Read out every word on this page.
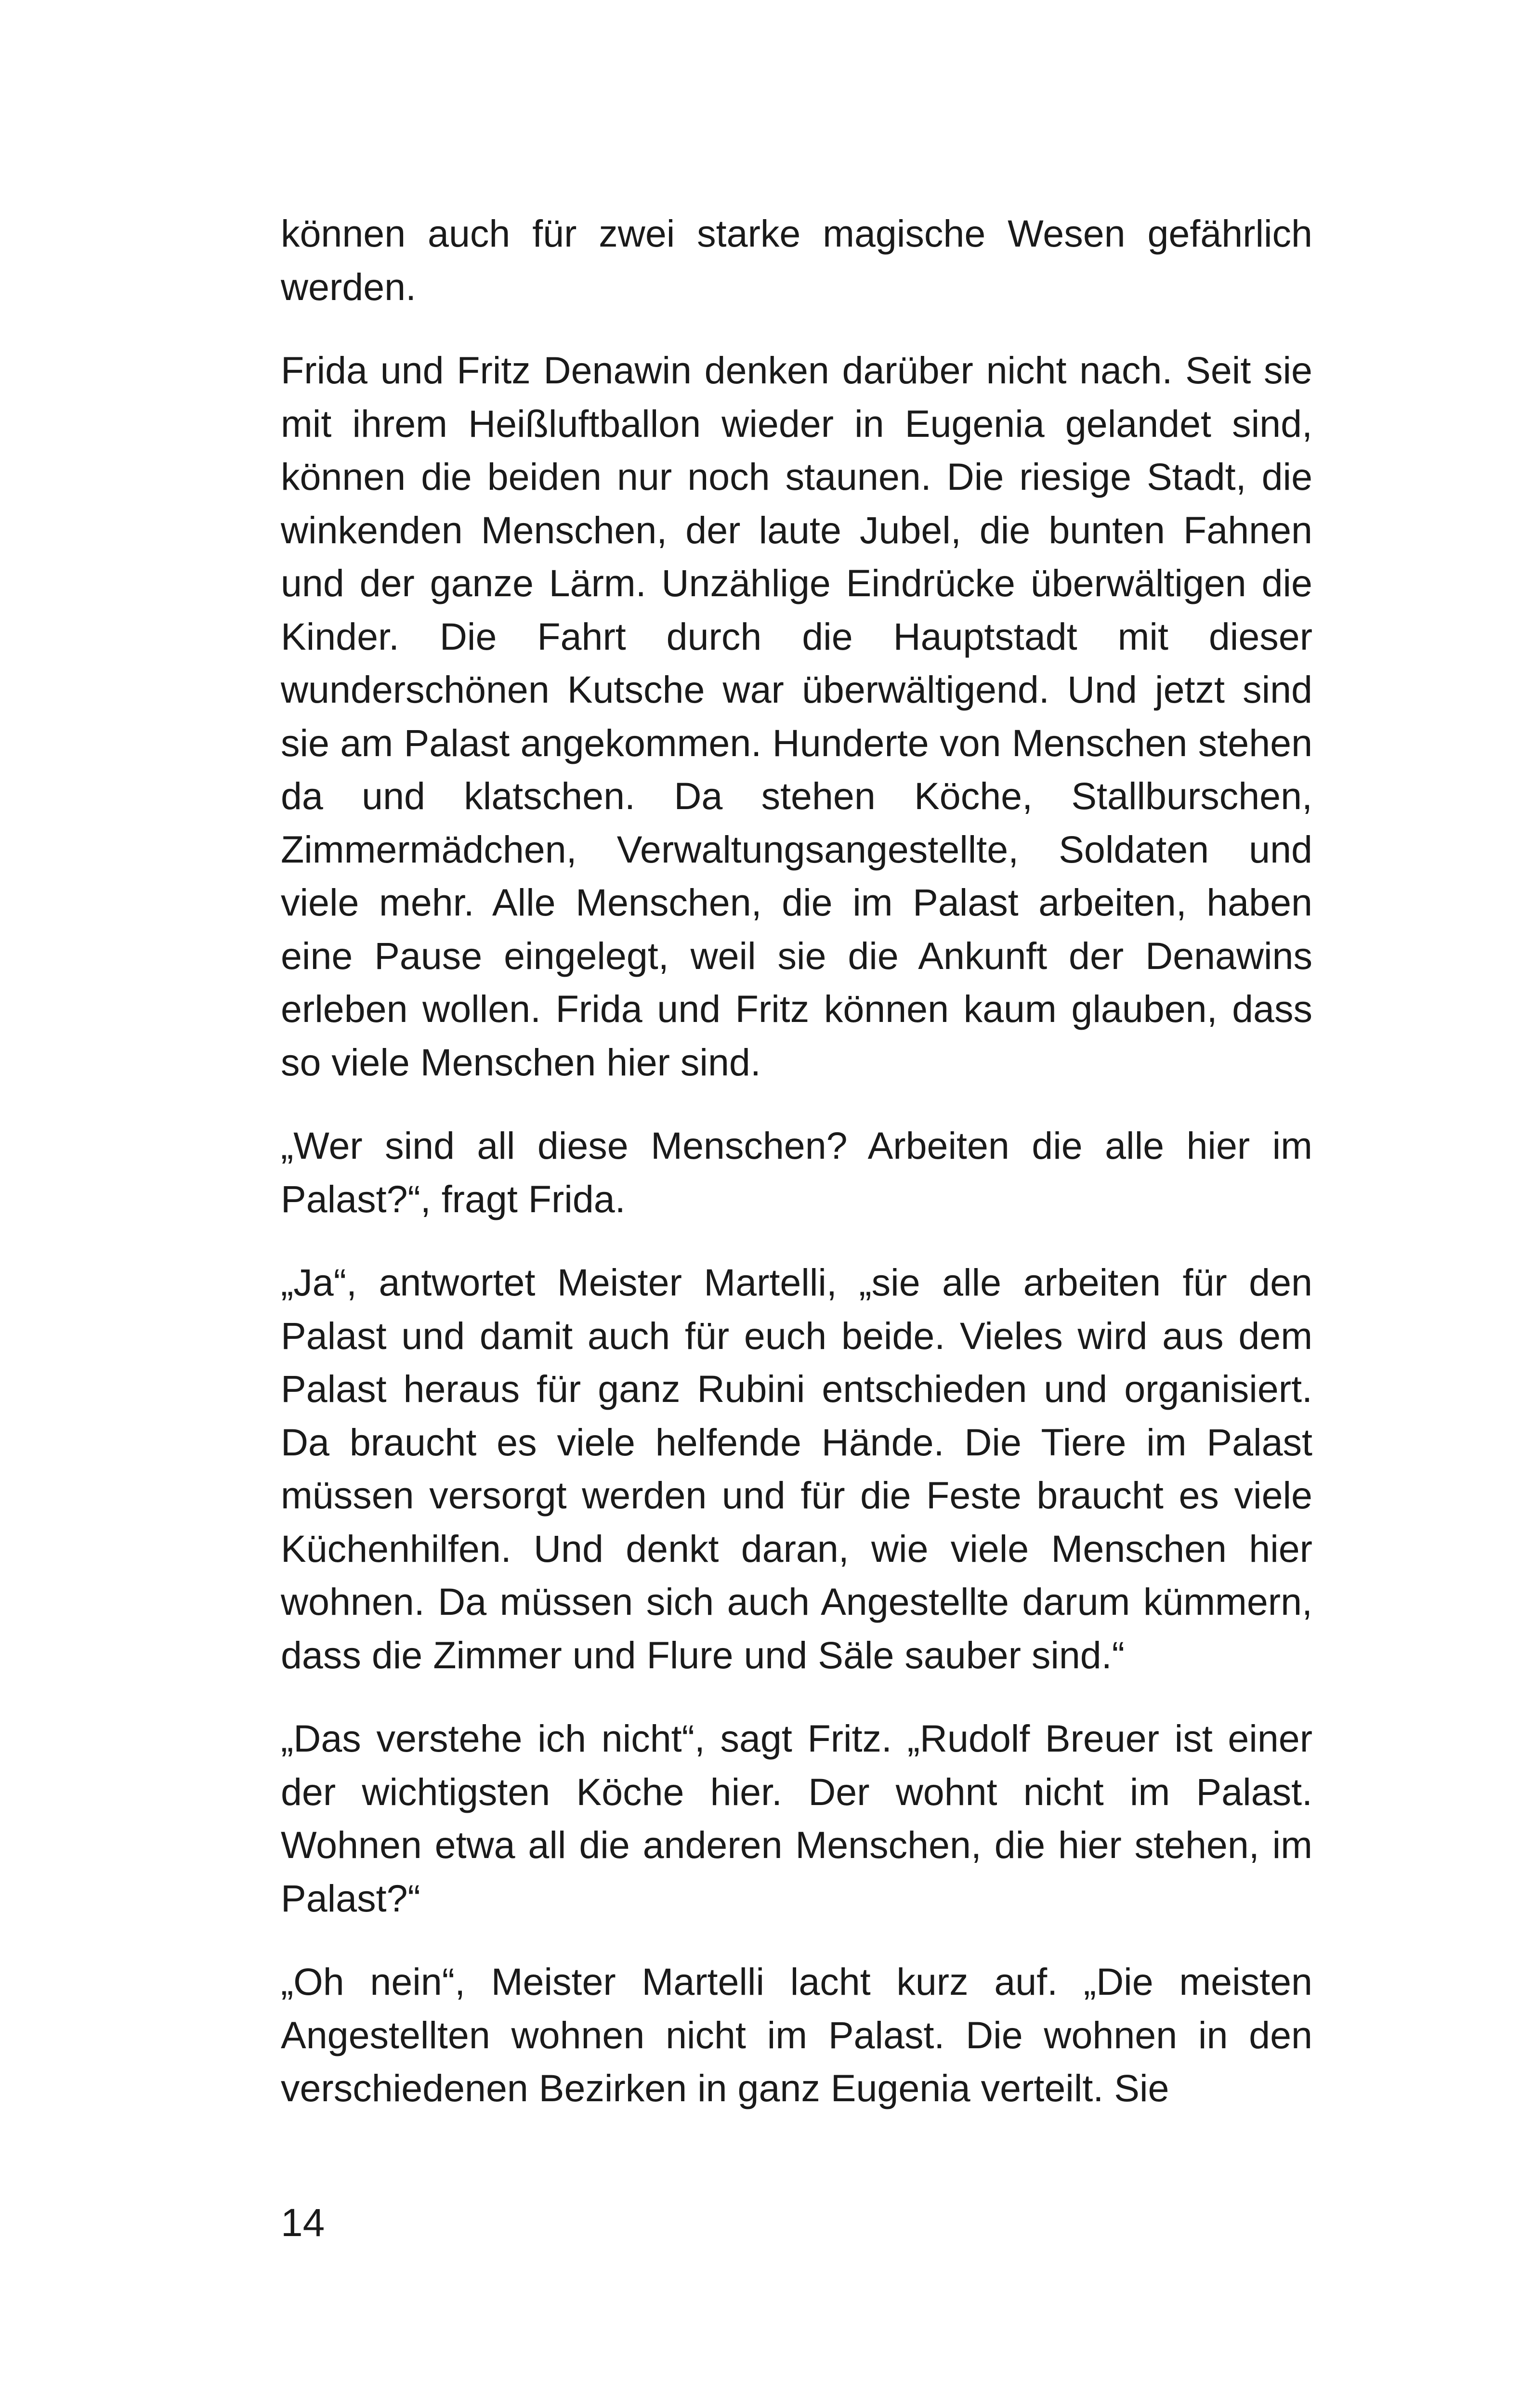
können auch für zwei starke magische Wesen gefährlich werden.

Frida und Fritz Denawin denken darüber nicht nach. Seit sie mit ihrem Heißluftballon wieder in Eugenia gelandet sind, können die beiden nur noch staunen. Die riesige Stadt, die winkenden Menschen, der laute Jubel, die bunten Fahnen und der ganze Lärm. Unzählige Eindrücke überwältigen die Kinder. Die Fahrt durch die Hauptstadt mit dieser wunderschönen Kutsche war überwältigend. Und jetzt sind sie am Palast angekommen. Hunderte von Menschen stehen da und klatschen. Da stehen Köche, Stallburschen, Zimmermädchen, Verwaltungsangestellte, Soldaten und viele mehr. Alle Menschen, die im Palast arbeiten, haben eine Pause eingelegt, weil sie die Ankunft der Denawins erleben wollen. Frida und Fritz können kaum glauben, dass so viele Menschen hier sind.

„Wer sind all diese Menschen? Arbeiten die alle hier im Palast?“, fragt Frida.

„Ja“, antwortet Meister Martelli, „sie alle arbeiten für den Palast und damit auch für euch beide. Vieles wird aus dem Palast heraus für ganz Rubini entschieden und organisiert. Da braucht es viele helfende Hände. Die Tiere im Palast müssen versorgt werden und für die Feste braucht es viele Küchenhilfen. Und denkt daran, wie viele Menschen hier wohnen. Da müssen sich auch Angestellte darum kümmern, dass die Zimmer und Flure und Säle sauber sind.“

„Das verstehe ich nicht“, sagt Fritz. „Rudolf Breuer ist einer der wichtigsten Köche hier. Der wohnt nicht im Palast. Wohnen etwa all die anderen Menschen, die hier stehen, im Palast?“

„Oh nein“, Meister Martelli lacht kurz auf. „Die meisten Angestellten wohnen nicht im Palast. Die wohnen in den verschiedenen Bezirken in ganz Eugenia verteilt. Sie

14
